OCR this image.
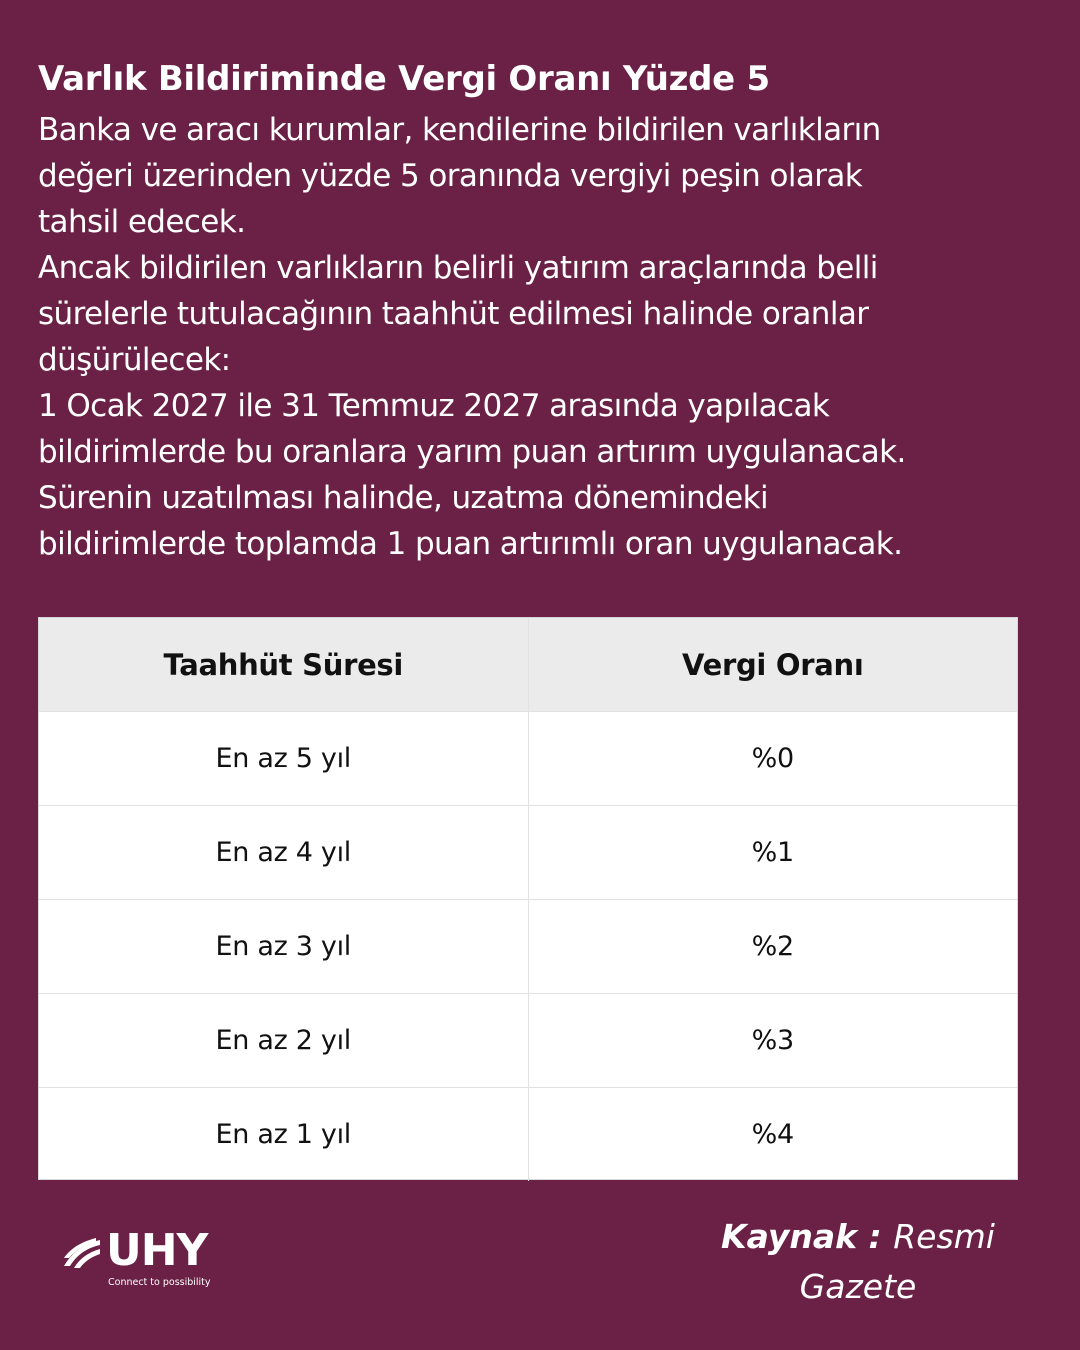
Varlık Bildiriminde Vergi Oranı Yüzde 5
Banka ve aracı kurumlar, kendilerine bildirilen varlıkların
değeri üzerinden yüzde 5 oranında vergiyi peşin olarak
tahsil edecek.
Ancak bildirilen varlıkların belirli yatırım araçlarında belli
sürelerle tutulacağının taahhüt edilmesi halinde oranlar
düşürülecek:
1 Ocak 2027 ile 31 Temmuz 2027 arasında yapılacak
bildirimlerde bu oranlara yarım puan artırım uygulanacak.
Sürenin uzatılması halinde, uzatma dönemindeki
bildirimlerde toplamda 1 puan artırımlı oran uygulanacak.
Taahhüt Süresi	Vergi Oranı
En az 5 yıl	%0
En az 4 yıl	%1
En az 3 yıl	%2
En az 2 yıl	%3
En az 1 yıl	%4
UHY
Connect to possibility
Kaynak : Resmi
Gazete
